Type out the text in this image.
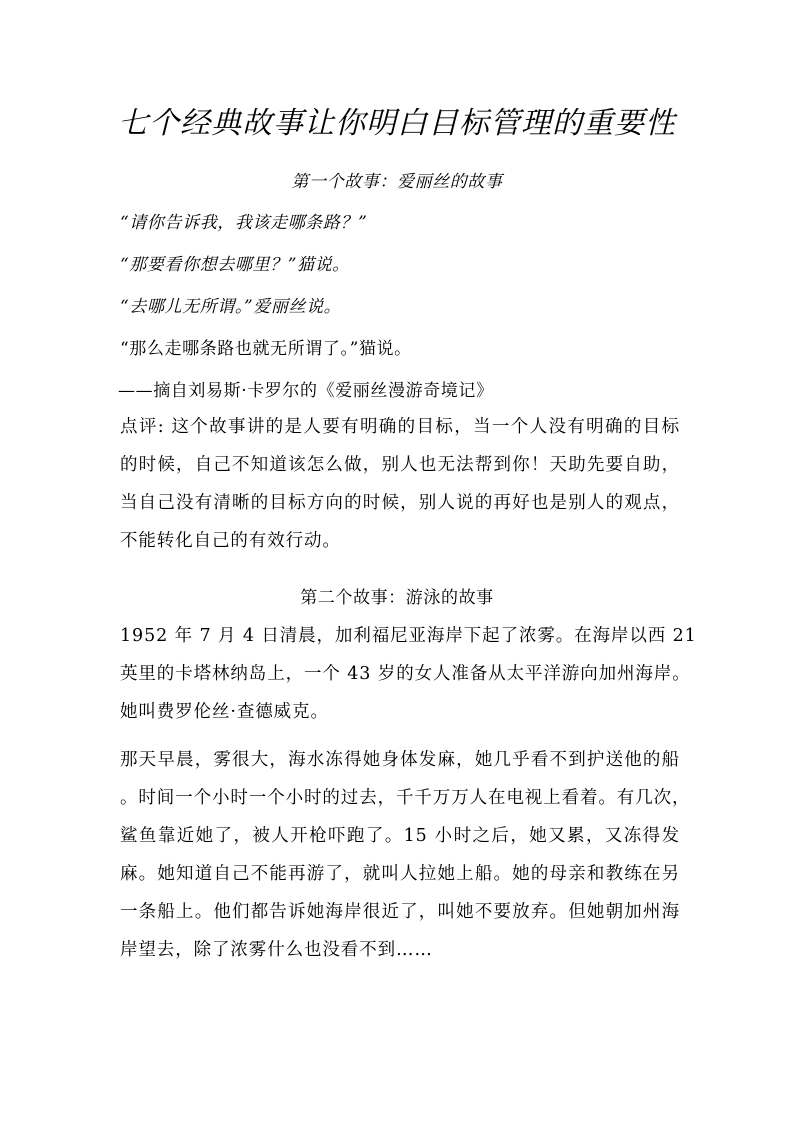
七个经典故事让你明白目标管理的重要性
第一个故事：爱丽丝的故事
“请你告诉我，我该走哪条路？”
“那要看你想去哪里？”猫说。
“去哪儿无所谓。”爱丽丝说。
“那么走哪条路也就无所谓了。”猫说。
——摘自刘易斯·卡罗尔的《爱丽丝漫游奇境记》
点评: 这个故事讲的是人要有明确的目标，当一个人没有明确的目标
的时候，自己不知道该怎么做，别人也无法帮到你！天助先要自助，
当自己没有清晰的目标方向的时候，别人说的再好也是别人的观点，
不能转化自己的有效行动。
第二个故事：游泳的故事
1952 年 7 月 4 日清晨，加利福尼亚海岸下起了浓雾。在海岸以西 21
英里的卡塔林纳岛上，一个 43 岁的女人准备从太平洋游向加州海岸。
她叫费罗伦丝·查德威克。
那天早晨，雾很大，海水冻得她身体发麻，她几乎看不到护送他的船
。时间一个小时一个小时的过去，千千万万人在电视上看着。有几次，
鲨鱼靠近她了，被人开枪吓跑了。15 小时之后，她又累，又冻得发
麻。她知道自己不能再游了，就叫人拉她上船。她的母亲和教练在另
一条船上。他们都告诉她海岸很近了，叫她不要放弃。但她朝加州海
岸望去，除了浓雾什么也没看不到……
